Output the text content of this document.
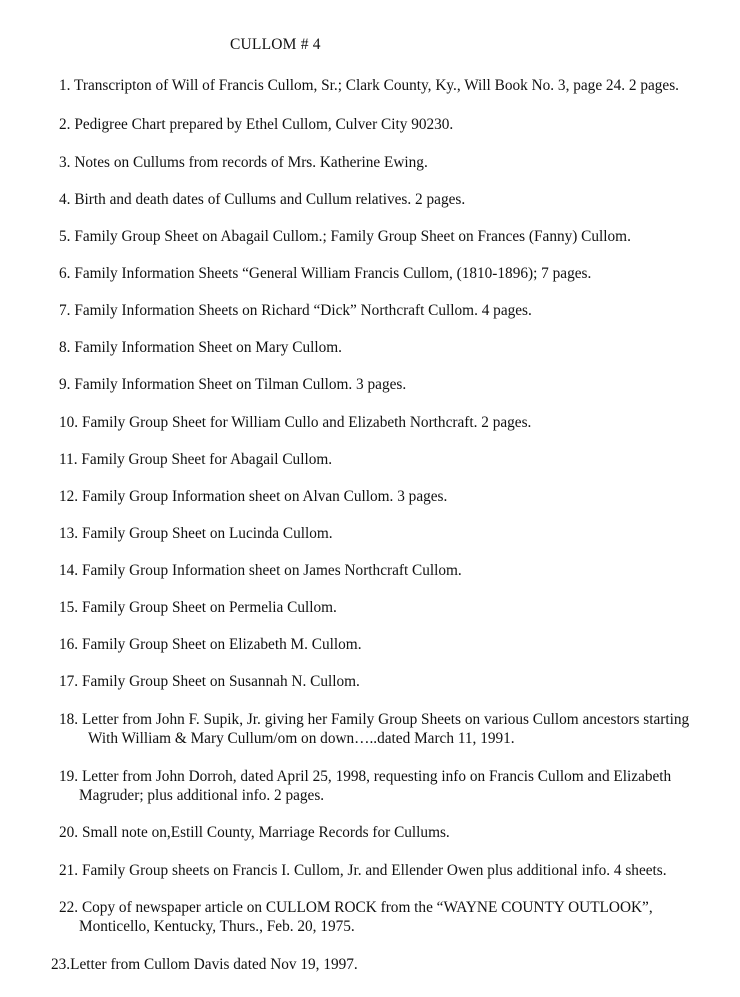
CULLOM # 4
1. Transcripton of Will of Francis Cullom, Sr.; Clark County, Ky., Will Book No. 3, page 24. 2 pages.
2. Pedigree Chart prepared by Ethel Cullom, Culver City 90230.
3. Notes on Cullums from records of Mrs. Katherine Ewing.
4. Birth and death dates of Cullums and Cullum relatives. 2 pages.
5. Family Group Sheet on Abagail Cullom.; Family Group Sheet on Frances (Fanny) Cullom.
6. Family Information Sheets “General William Francis Cullom, (1810-1896); 7 pages.
7. Family Information Sheets on Richard “Dick” Northcraft Cullom. 4 pages.
8. Family Information Sheet on Mary Cullom.
9. Family Information Sheet on Tilman Cullom. 3 pages.
10. Family Group Sheet for William Cullo and Elizabeth Northcraft. 2 pages.
11. Family Group Sheet for Abagail Cullom.
12. Family Group Information sheet on Alvan Cullom. 3 pages.
13. Family Group Sheet on Lucinda Cullom.
14. Family Group Information sheet on James Northcraft Cullom.
15. Family Group Sheet on Permelia Cullom.
16. Family Group Sheet on Elizabeth M. Cullom.
17. Family Group Sheet on Susannah N. Cullom.
18. Letter from John F. Supik, Jr. giving her Family Group Sheets on various Cullom ancestors starting
With William & Mary Cullum/om on down…..dated March 11, 1991.
19. Letter from John Dorroh, dated April 25, 1998, requesting info on Francis Cullom and Elizabeth
Magruder; plus additional info. 2 pages.
20. Small note on,Estill County, Marriage Records for Cullums.
21. Family Group sheets on Francis I. Cullom, Jr. and Ellender Owen plus additional info. 4 sheets.
22. Copy of newspaper article on CULLOM ROCK from the “WAYNE COUNTY OUTLOOK”,
Monticello, Kentucky, Thurs., Feb. 20, 1975.
23.Letter from Cullom Davis dated Nov 19, 1997.
